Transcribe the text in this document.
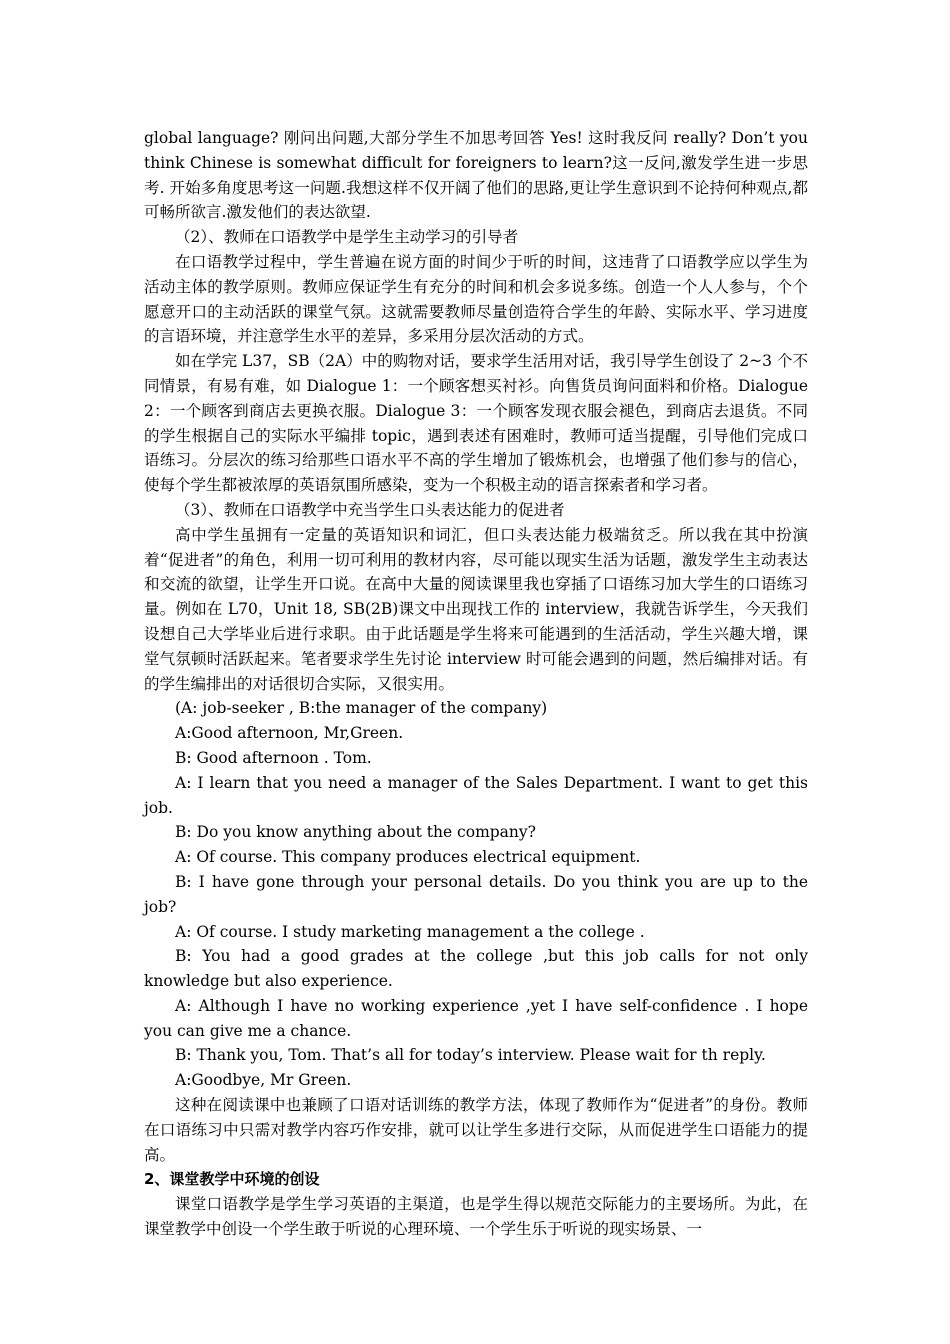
global language? 刚问出问题,大部分学生不加思考回答 Yes! 这时我反问 really? Don’t you think Chinese is somewhat difficult for foreigners to learn?这一反问,激发学生进一步思考. 开始多角度思考这一问题.我想这样不仅开阔了他们的思路,更让学生意识到不论持何种观点,都可畅所欲言.激发他们的表达欲望.

（2）、教师在口语教学中是学生主动学习的引导者

在口语教学过程中，学生普遍在说方面的时间少于听的时间，这违背了口语教学应以学生为活动主体的教学原则。教师应保证学生有充分的时间和机会多说多练。创造一个人人参与，个个愿意开口的主动活跃的课堂气氛。这就需要教师尽量创造符合学生的年龄、实际水平、学习进度的言语环境，并注意学生水平的差异，多采用分层次活动的方式。

如在学完 L37，SB（2A）中的购物对话，要求学生活用对话，我引导学生创设了 2~3 个不同情景，有易有难，如 Dialogue 1：一个顾客想买衬衫。向售货员询问面料和价格。Dialogue 2：一个顾客到商店去更换衣服。Dialogue 3：一个顾客发现衣服会褪色，到商店去退货。不同的学生根据自己的实际水平编排 topic，遇到表述有困难时，教师可适当提醒，引导他们完成口语练习。分层次的练习给那些口语水平不高的学生增加了锻炼机会，也增强了他们参与的信心，使每个学生都被浓厚的英语氛围所感染，变为一个积极主动的语言探索者和学习者。

（3）、教师在口语教学中充当学生口头表达能力的促进者

高中学生虽拥有一定量的英语知识和词汇，但口头表达能力极端贫乏。所以我在其中扮演着“促进者”的角色，利用一切可利用的教材内容，尽可能以现实生活为话题，激发学生主动表达和交流的欲望，让学生开口说。在高中大量的阅读课里我也穿插了口语练习加大学生的口语练习量。例如在 L70，Unit 18, SB(2B)课文中出现找工作的 interview，我就告诉学生，今天我们设想自己大学毕业后进行求职。由于此话题是学生将来可能遇到的生活活动，学生兴趣大增，课堂气氛顿时活跃起来。笔者要求学生先讨论 interview 时可能会遇到的问题，然后编排对话。有的学生编排出的对话很切合实际，又很实用。

(A: job-seeker , B:the manager of the company)

A:Good afternoon, Mr,Green.

B: Good afternoon . Tom.

A: I learn that you need a manager of the Sales Department. I want to get this job.

B: Do you know anything about the company?

A: Of course. This company produces electrical equipment.

B: I have gone through your personal details. Do you think you are up to the job?

A: Of course. I study marketing management a the college .

B: You had a good grades at the college ,but this job calls for not only knowledge but also experience.

A: Although I have no working experience ,yet I have self-confidence . I hope you can give me a chance.

B: Thank you, Tom. That’s all for today’s interview. Please wait for th reply.

A:Goodbye, Mr Green.

这种在阅读课中也兼顾了口语对话训练的教学方法，体现了教师作为“促进者”的身份。教师在口语练习中只需对教学内容巧作安排，就可以让学生多进行交际，从而促进学生口语能力的提高。

2、课堂教学中环境的创设

课堂口语教学是学生学习英语的主渠道，也是学生得以规范交际能力的主要场所。为此，在课堂教学中创设一个学生敢于听说的心理环境、一个学生乐于听说的现实场景、一
